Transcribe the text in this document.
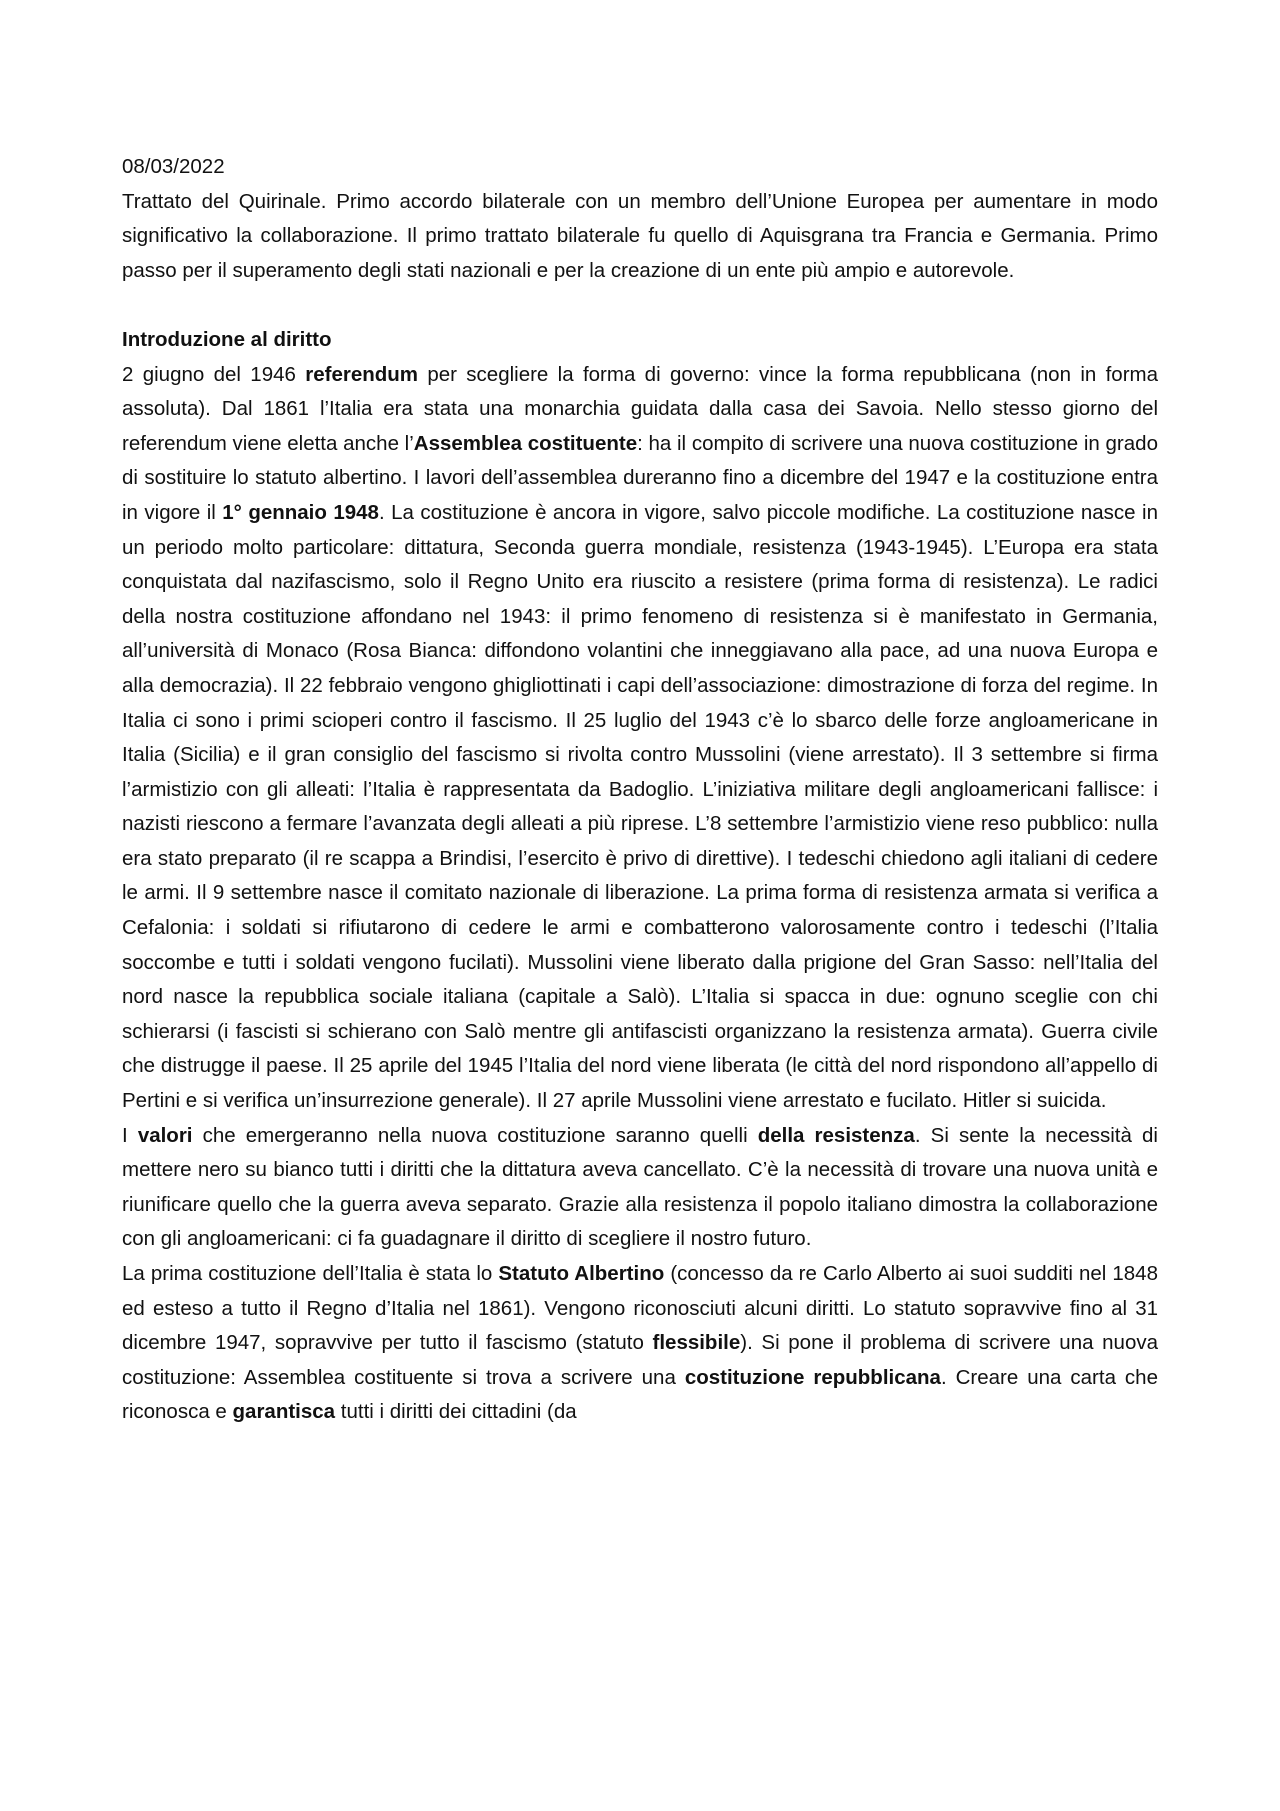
08/03/2022

Trattato del Quirinale. Primo accordo bilaterale con un membro dell’Unione Europea per aumentare in modo significativo la collaborazione. Il primo trattato bilaterale fu quello di Aquisgrana tra Francia e Germania. Primo passo per il superamento degli stati nazionali e per la creazione di un ente più ampio e autorevole.

Introduzione al diritto

2 giugno del 1946 referendum per scegliere la forma di governo: vince la forma repubblicana (non in forma assoluta). Dal 1861 l’Italia era stata una monarchia guidata dalla casa dei Savoia. Nello stesso giorno del referendum viene eletta anche l’Assemblea costituente: ha il compito di scrivere una nuova costituzione in grado di sostituire lo statuto albertino. I lavori dell’assemblea dureranno fino a dicembre del 1947 e la costituzione entra in vigore il 1° gennaio 1948. La costituzione è ancora in vigore, salvo piccole modifiche. La costituzione nasce in un periodo molto particolare: dittatura, Seconda guerra mondiale, resistenza (1943-1945). L’Europa era stata conquistata dal nazifascismo, solo il Regno Unito era riuscito a resistere (prima forma di resistenza). Le radici della nostra costituzione affondano nel 1943: il primo fenomeno di resistenza si è manifestato in Germania, all’università di Monaco (Rosa Bianca: diffondono volantini che inneggiavano alla pace, ad una nuova Europa e alla democrazia). Il 22 febbraio vengono ghigliottinati i capi dell’associazione: dimostrazione di forza del regime. In Italia ci sono i primi scioperi contro il fascismo. Il 25 luglio del 1943 c’è lo sbarco delle forze angloamericane in Italia (Sicilia) e il gran consiglio del fascismo si rivolta contro Mussolini (viene arrestato). Il 3 settembre si firma l’armistizio con gli alleati: l’Italia è rappresentata da Badoglio. L’iniziativa militare degli angloamericani fallisce: i nazisti riescono a fermare l’avanzata degli alleati a più riprese. L’8 settembre l’armistizio viene reso pubblico: nulla era stato preparato (il re scappa a Brindisi, l’esercito è privo di direttive). I tedeschi chiedono agli italiani di cedere le armi. Il 9 settembre nasce il comitato nazionale di liberazione. La prima forma di resistenza armata si verifica a Cefalonia: i soldati si rifiutarono di cedere le armi e combatterono valorosamente contro i tedeschi (l’Italia soccombe e tutti i soldati vengono fucilati). Mussolini viene liberato dalla prigione del Gran Sasso: nell’Italia del nord nasce la repubblica sociale italiana (capitale a Salò). L’Italia si spacca in due: ognuno sceglie con chi schierarsi (i fascisti si schierano con Salò mentre gli antifascisti organizzano la resistenza armata). Guerra civile che distrugge il paese. Il 25 aprile del 1945 l’Italia del nord viene liberata (le città del nord rispondono all’appello di Pertini e si verifica un’insurrezione generale). Il 27 aprile Mussolini viene arrestato e fucilato. Hitler si suicida.

I valori che emergeranno nella nuova costituzione saranno quelli della resistenza. Si sente la necessità di mettere nero su bianco tutti i diritti che la dittatura aveva cancellato. C’è la necessità di trovare una nuova unità e riunificare quello che la guerra aveva separato. Grazie alla resistenza il popolo italiano dimostra la collaborazione con gli angloamericani: ci fa guadagnare il diritto di scegliere il nostro futuro.

La prima costituzione dell’Italia è stata lo Statuto Albertino (concesso da re Carlo Alberto ai suoi sudditi nel 1848 ed esteso a tutto il Regno d’Italia nel 1861). Vengono riconosciuti alcuni diritti. Lo statuto sopravvive fino al 31 dicembre 1947, sopravvive per tutto il fascismo (statuto flessibile). Si pone il problema di scrivere una nuova costituzione: Assemblea costituente si trova a scrivere una costituzione repubblicana. Creare una carta che riconosca e garantisca tutti i diritti dei cittadini (da
